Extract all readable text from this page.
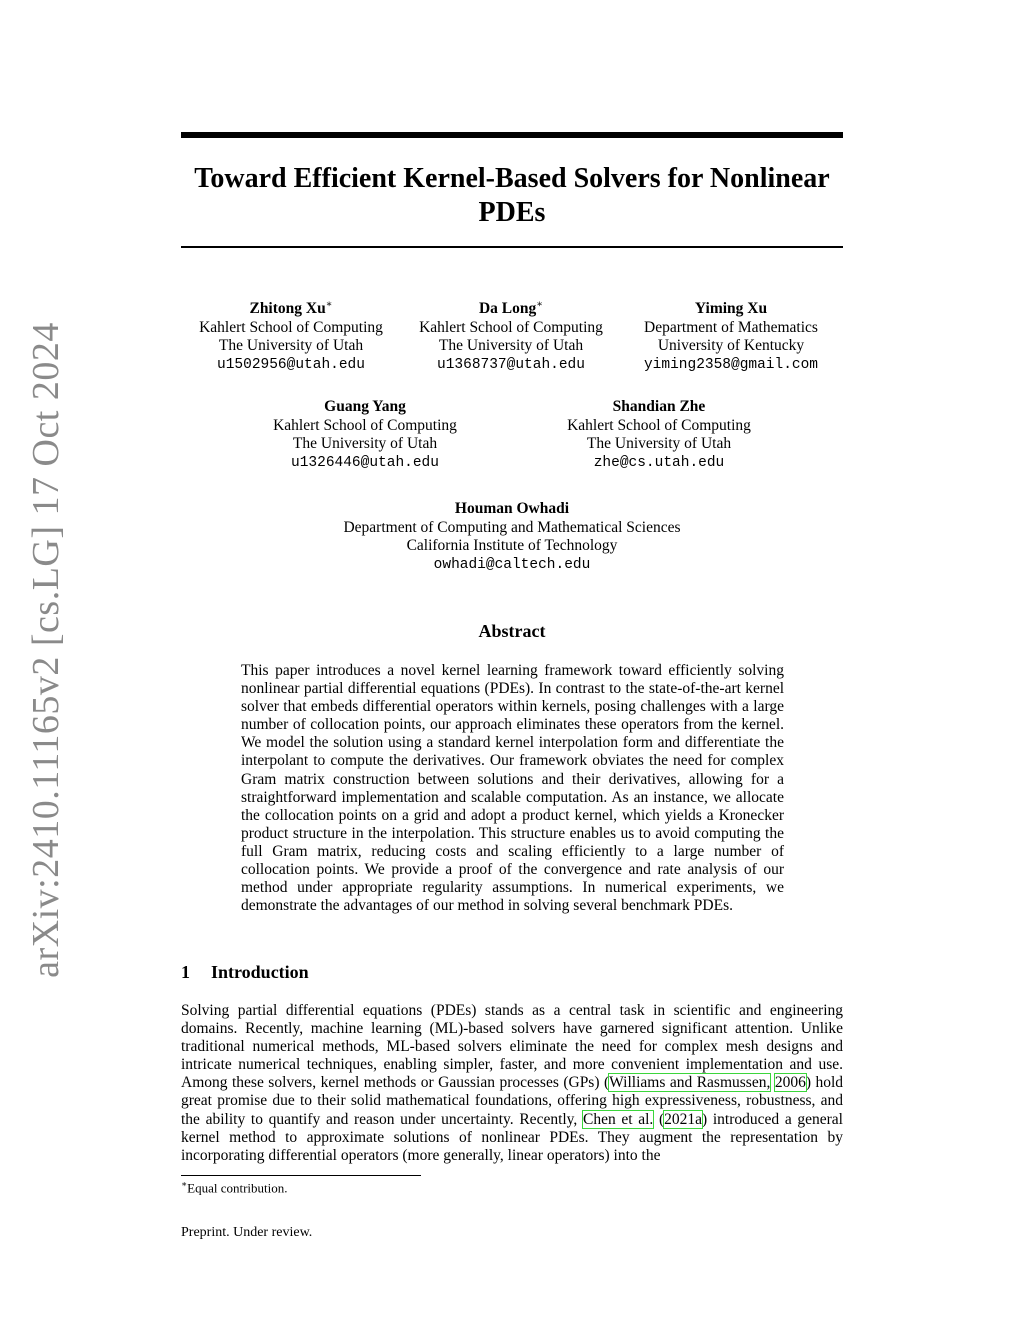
arXiv:2410.11165v2 [cs.LG] 17 Oct 2024
Toward Efficient Kernel-Based Solvers for Nonlinear PDEs
Zhitong Xu∗
Kahlert School of Computing
The University of Utah
u1502956@utah.edu
Da Long∗
Kahlert School of Computing
The University of Utah
u1368737@utah.edu
Yiming Xu
Department of Mathematics
University of Kentucky
yiming2358@gmail.com
Guang Yang
Kahlert School of Computing
The University of Utah
u1326446@utah.edu
Shandian Zhe
Kahlert School of Computing
The University of Utah
zhe@cs.utah.edu
Houman Owhadi
Department of Computing and Mathematical Sciences
California Institute of Technology
owhadi@caltech.edu
Abstract
This paper introduces a novel kernel learning framework toward efficiently solving nonlinear partial differential equations (PDEs). In contrast to the state-of-the-art kernel solver that embeds differential operators within kernels, posing challenges with a large number of collocation points, our approach eliminates these operators from the kernel. We model the solution using a standard kernel interpolation form and differentiate the interpolant to compute the derivatives. Our framework obviates the need for complex Gram matrix construction between solutions and their derivatives, allowing for a straightforward implementation and scalable computation. As an instance, we allocate the collocation points on a grid and adopt a product kernel, which yields a Kronecker product structure in the interpolation. This structure enables us to avoid computing the full Gram matrix, reducing costs and scaling efficiently to a large number of collocation points. We provide a proof of the convergence and rate analysis of our method under appropriate regularity assumptions. In numerical experiments, we demonstrate the advantages of our method in solving several benchmark PDEs.
1 Introduction
Solving partial differential equations (PDEs) stands as a central task in scientific and engineering domains. Recently, machine learning (ML)-based solvers have garnered significant attention. Unlike traditional numerical methods, ML-based solvers eliminate the need for complex mesh designs and intricate numerical techniques, enabling simpler, faster, and more convenient implementation and use. Among these solvers, kernel methods or Gaussian processes (GPs) (Williams and Rasmussen, 2006) hold great promise due to their solid mathematical foundations, offering high expressiveness, robustness, and the ability to quantify and reason under uncertainty. Recently, Chen et al. (2021a) introduced a general kernel method to approximate solutions of nonlinear PDEs. They augment the representation by incorporating differential operators (more generally, linear operators) into the
∗Equal contribution.
Preprint. Under review.
